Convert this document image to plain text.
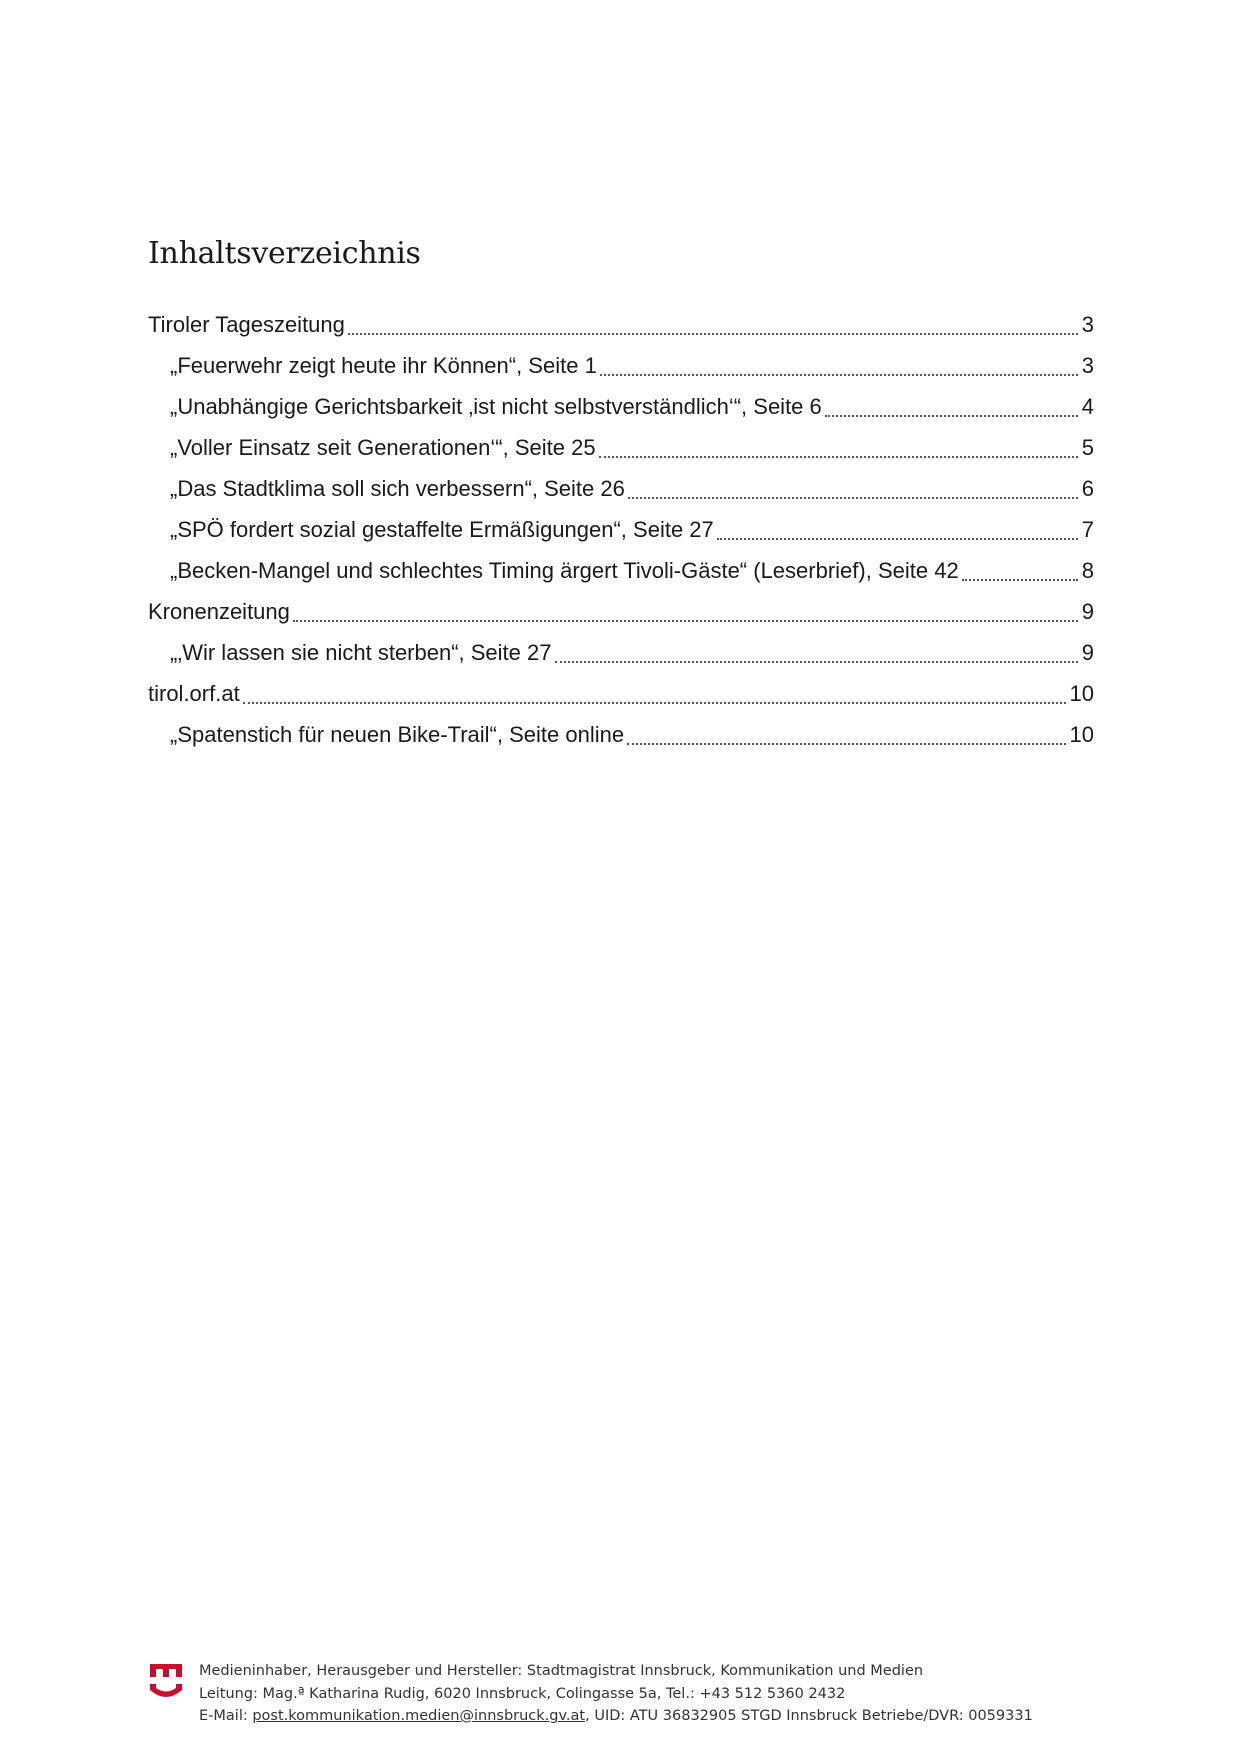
Inhaltsverzeichnis
Tiroler Tageszeitung	3
„Feuerwehr zeigt heute ihr Können“, Seite 1	3
„Unabhängige Gerichtsbarkeit ‚ist nicht selbstverständlich‘“, Seite 6	4
„Voller Einsatz seit Generationen‘“, Seite 25	5
„Das Stadtklima soll sich verbessern“, Seite 26	6
„SPÖ fordert sozial gestaffelte Ermäßigungen“, Seite 27	7
„Becken-Mangel und schlechtes Timing ärgert Tivoli-Gäste“ (Leserbrief), Seite 42	8
Kronenzeitung	9
„‚Wir lassen sie nicht sterben“, Seite 27	9
tirol.orf.at	10
„Spatenstich für neuen Bike-Trail“, Seite online	10
Medieninhaber, Herausgeber und Hersteller: Stadtmagistrat Innsbruck, Kommunikation und Medien
Leitung: Mag.ª Katharina Rudig, 6020 Innsbruck, Colingasse 5a, Tel.: +43 512 5360 2432
E-Mail: post.kommunikation.medien@innsbruck.gv.at, UID: ATU 36832905 STGD Innsbruck Betriebe/DVR: 0059331
